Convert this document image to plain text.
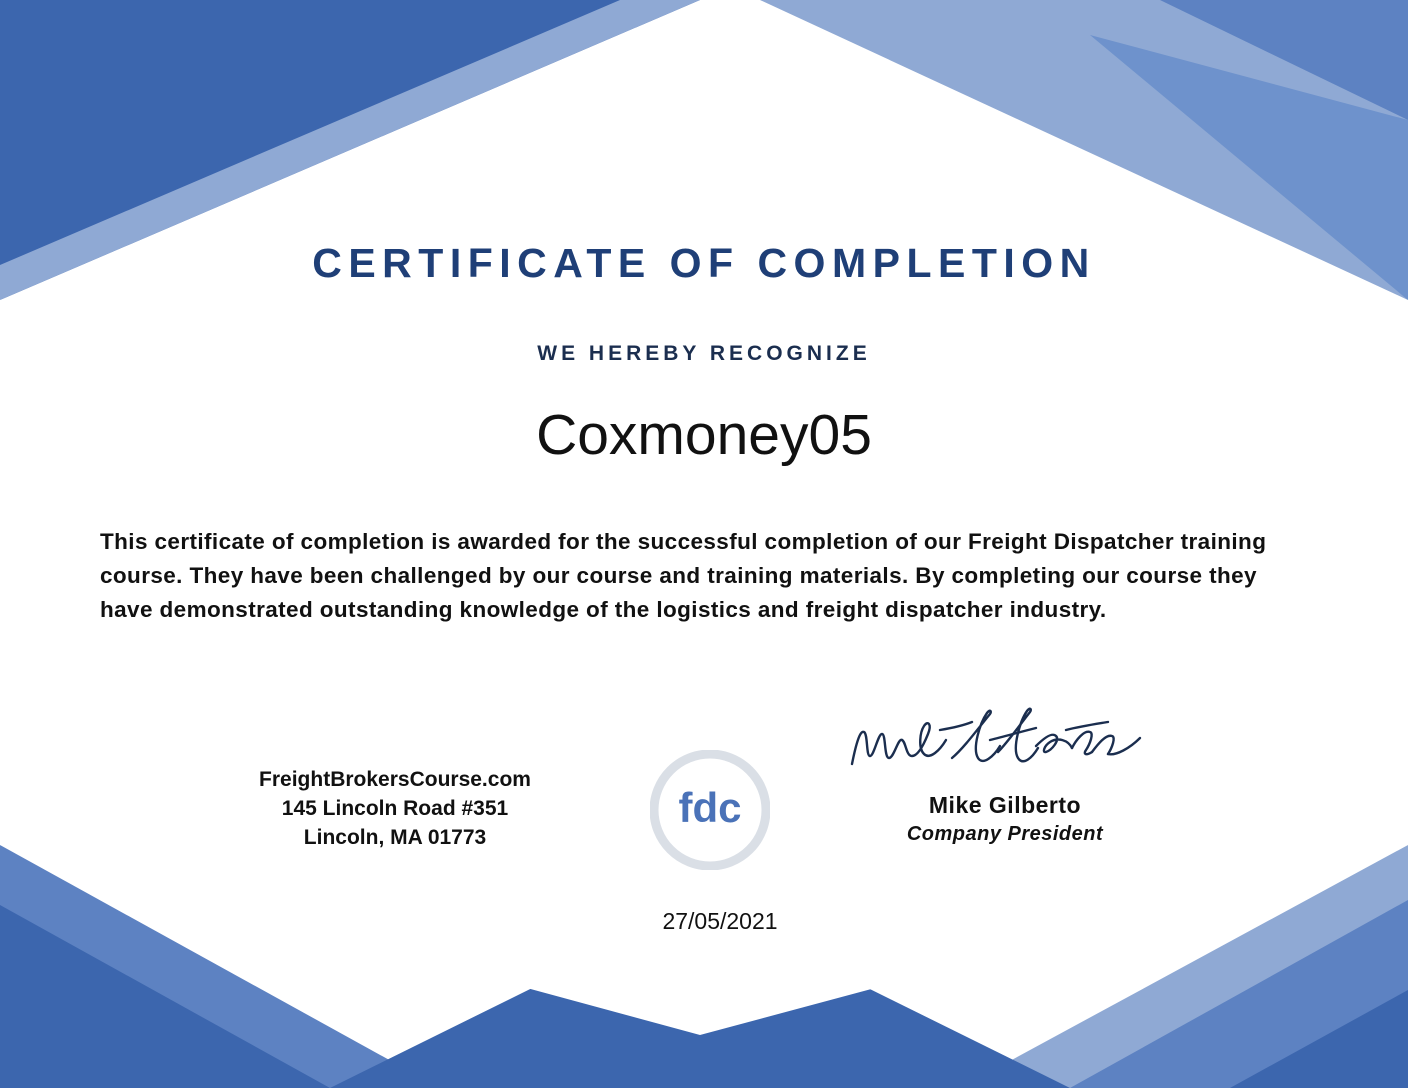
CERTIFICATE OF COMPLETION
WE HEREBY RECOGNIZE
Coxmoney05
This certificate of completion is awarded for the successful completion of our Freight Dispatcher training course. They have been challenged by our course and training materials. By completing our course they have demonstrated outstanding knowledge of the logistics and freight dispatcher industry.
FreightBrokersCourse.com
145 Lincoln Road #351
Lincoln, MA 01773
fdc	Mike Gilberto
Company President
27/05/2021
